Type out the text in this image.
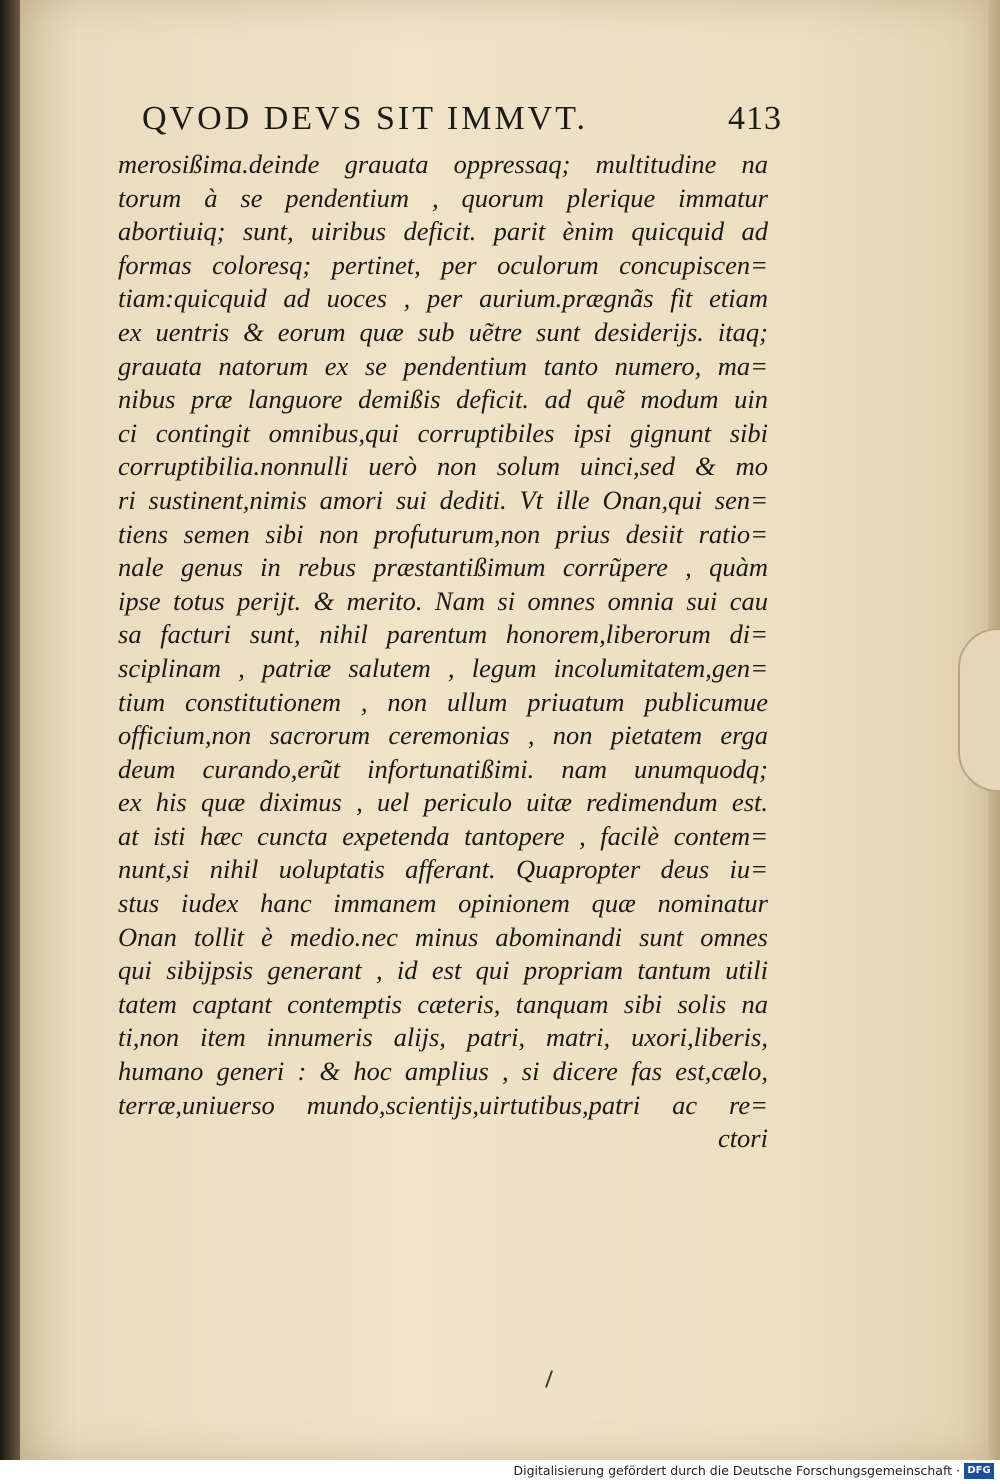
QVOD DEVS SIT IMMVT.	413
merosißima.deinde grauata oppressaq; multitudine na
torum à se pendentium , quorum plerique immatur
abortiuiq; sunt, uiribus deficit. parit ènim quicquid ad
formas coloresq; pertinet, per oculorum concupiscen=
tiam:quicquid ad uoces , per aurium.prægnãs fit etiam
ex uentris & eorum quæ sub uẽtre sunt desiderijs. itaq;
grauata natorum ex se pendentium tanto numero, ma=
nibus præ languore demißis deficit. ad quẽ modum uin
ci contingit omnibus,qui corruptibiles ipsi gignunt sibi
corruptibilia.nonnulli uerò non solum uinci,sed & mo
ri sustinent,nimis amori sui dediti. Vt ille Onan,qui sen=
tiens semen sibi non profuturum,non prius desiit ratio=
nale genus in rebus præstantißimum corrũpere , quàm
ipse totus perijt. & merito. Nam si omnes omnia sui cau
sa facturi sunt, nihil parentum honorem,liberorum di=
sciplinam , patriæ salutem , legum incolumitatem,gen=
tium constitutionem , non ullum priuatum publicumue
officium,non sacrorum ceremonias , non pietatem erga
deum curando,erũt infortunatißimi. nam unumquodq;
ex his quæ diximus , uel periculo uitæ redimendum est.
at isti hæc cuncta expetenda tantopere , facilè contem=
nunt,si nihil uoluptatis afferant. Quapropter deus iu=
stus iudex hanc immanem opinionem quæ nominatur
Onan tollit è medio.nec minus abominandi sunt omnes
qui sibijpsis generant , id est qui propriam tantum utili
tatem captant contemptis cæteris, tanquam sibi solis na
ti,non item innumeris alijs, patri, matri, uxori,liberis,
humano generi : & hoc amplius , si dicere fas est,cælo,
terræ,uniuerso mundo,scientijs,uirtutibus,patri ac re=
ctori
Digitalisierung gefördert durch die Deutsche Forschungsgemeinschaft · DFG
